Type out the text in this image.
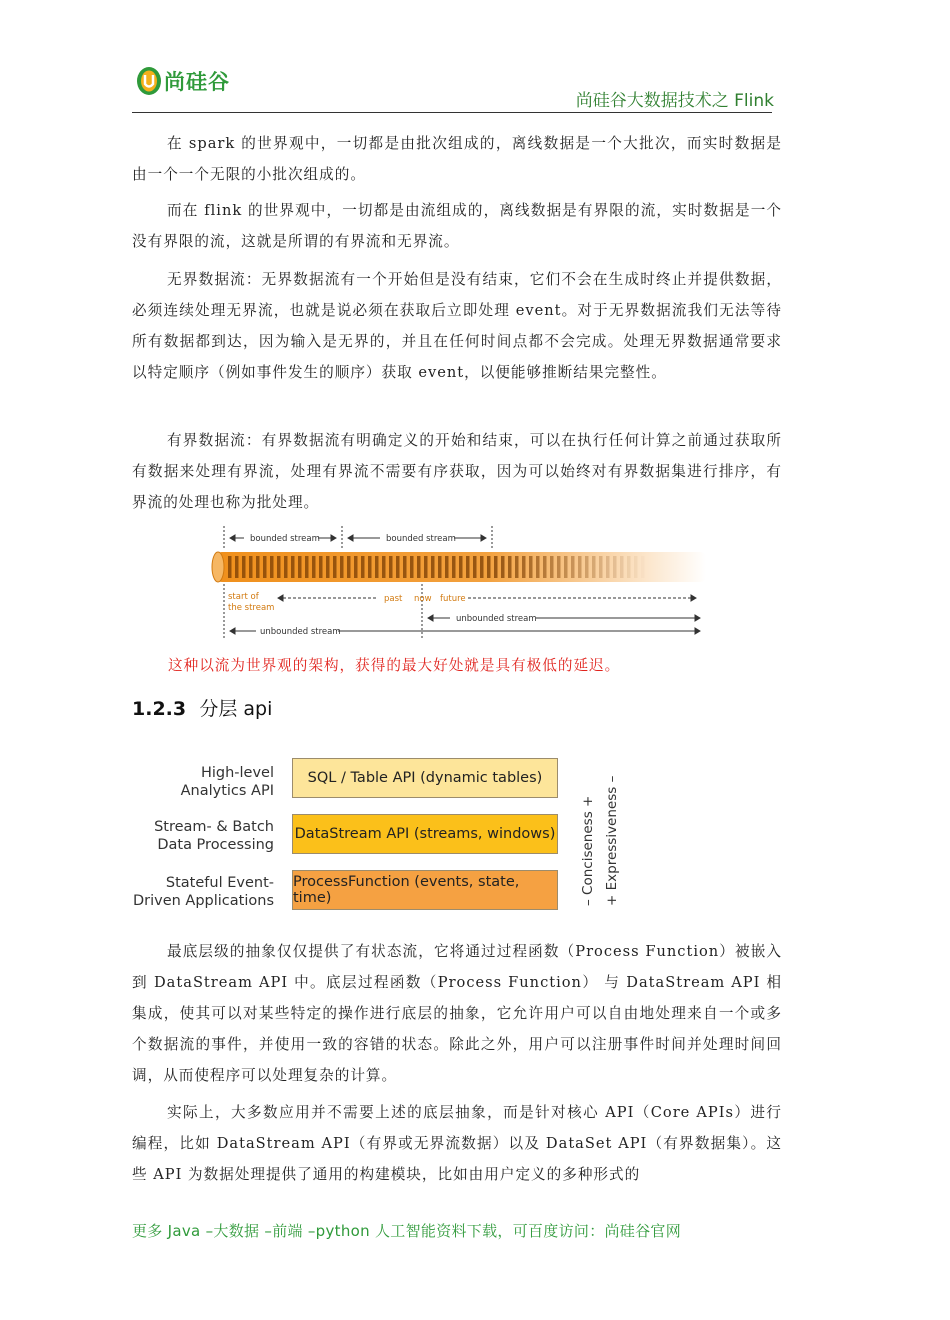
尚硅谷
尚硅谷大数据技术之 Flink

在 spark 的世界观中，一切都是由批次组成的，离线数据是一个大批次，而实时数据是由一个一个无限的小批次组成的。

而在 flink 的世界观中，一切都是由流组成的，离线数据是有界限的流，实时数据是一个没有界限的流，这就是所谓的有界流和无界流。

无界数据流：无界数据流有一个开始但是没有结束，它们不会在生成时终止并提供数据，必须连续处理无界流，也就是说必须在获取后立即处理 event。对于无界数据流我们无法等待所有数据都到达，因为输入是无界的，并且在任何时间点都不会完成。处理无界数据通常要求以特定顺序（例如事件发生的顺序）获取 event，以便能够推断结果完整性。

有界数据流：有界数据流有明确定义的开始和结束，可以在执行任何计算之前通过获取所有数据来处理有界流，处理有界流不需要有序获取，因为可以始终对有界数据集进行排序，有界流的处理也称为批处理。

bounded stream	bounded stream
start of
the stream
past now future
unbounded stream
unbounded stream
这种以流为世界观的架构，获得的最大好处就是具有极低的延迟。
1.2.3 分层 api
High-level
Analytics API
SQL / Table API (dynamic tables)
Stream- & Batch
Data Processing
DataStream API (streams, windows)
Stateful Event-
Driven Applications
ProcessFunction (events, state, time)	– Conciseness + + Expressiveness –

最底层级的抽象仅仅提供了有状态流，它将通过过程函数（Process Function）被嵌入到 DataStream API 中。底层过程函数（Process Function） 与 DataStream API 相集成，使其可以对某些特定的操作进行底层的抽象，它允许用户可以自由地处理来自一个或多个数据流的事件，并使用一致的容错的状态。除此之外，用户可以注册事件时间并处理时间回调，从而使程序可以处理复杂的计算。

实际上，大多数应用并不需要上述的底层抽象，而是针对核心 API（Core APIs）进行编程，比如 DataStream API（有界或无界流数据）以及 DataSet API（有界数据集）。这些 API 为数据处理提供了通用的构建模块，比如由用户定义的多种形式的

更多 Java –大数据 –前端 –python 人工智能资料下载，可百度访问：尚硅谷官网
